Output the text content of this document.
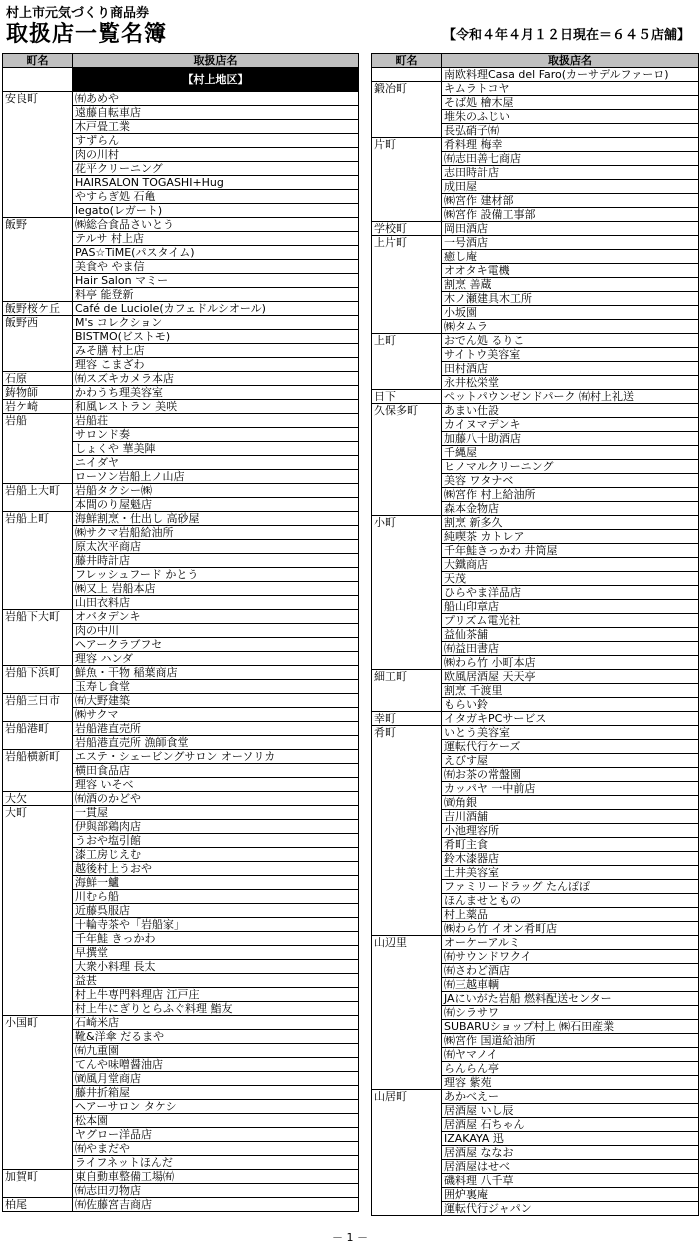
村上市元気づくり商品券
取扱店一覧名簿	【令和４年４月１２日現在＝６４５店舗】
町名	取扱店名
	【村上地区】
安良町	㈲あめや
	遠藤自転車店
	木戸畳工業
	すずらん
	肉の川村
	花平クリーニング
	HAIRSALON TOGASHI+Hug
	やすらぎ処 石亀
	legato(レガート)
飯野	㈱総合食品さいとう
	テルサ 村上店
	PAS☆TiME(パスタイム)
	美食や やま信
	Hair Salon マミー
	料亭 能登新
飯野桜ケ丘	Café de Luciole(カフェドルシオール)
飯野西	M's コレクション
	BISTMO(ビストモ)
	みそ膳 村上店
	理容 こまざわ
石原	㈲スズキカメラ本店
鋳物師	かわうち理美容室
岩ケ崎	和風レストラン 美咲
岩船	岩船荘
	サロンド奏
	しょくや 華美陣
	ニイダヤ
	ローソン岩船上ノ山店
岩船上大町	岩船タクシー㈱
	本間のり屋魁店
岩船上町	海鮮割烹・仕出し 高砂屋
	㈱サクマ岩船給油所
	原太次平商店
	藤井時計店
	フレッシュフード かとう
	㈱又上 岩船本店
	山田衣料店
岩船下大町	オバタデンキ
	肉の中川
	ヘアークラブフセ
	理容 ハンダ
岩船下浜町	鮮魚・干物 稲葉商店
	玉寿し食堂
岩船三日市	㈲大野建築
	㈱サクマ
岩船港町	岩船港直売所
	岩船港直売所 漁師食堂
岩船横新町	エステ・シェービングサロン オーソリカ
	横田食品店
	理容 いそべ
大欠	㈲酒のかどや
大町	一貫屋
	伊與部鶏肉店
	うおや塩引館
	漆工房じえむ
	越後村上うおや
	海鮮一鱸
	川むら船
	近藤呉服店
	十輪寺茶や「岩船家」
	千年鮭 きっかわ
	早撰堂
	大衆小料理 長太
	益甚
	村上牛専門料理店 江戸庄
	村上牛にぎりとらふぐ料理 鮨友
小国町	石崎米店
	靴&洋傘 だるまや
	㈲九重園
	てんや味噌醤油店
	㈾風月堂商店
	藤井折箱屋
	ヘアーサロン タケシ
	松本園
	ヤグロー洋品店
	㈲やまだや
	ライフネットほんだ
加賀町	東自動車整備工場㈲
	㈲志田刃物店
柏尾	㈲佐藤宮吉商店
町名	取扱店名
	南欧料理Casa del Faro(カーサデルファーロ)
鍛冶町	キムラトコヤ
	そば処 檜木屋
	堆朱のふじい
	長弘硝子㈲
片町	肴料理 梅幸
	㈲志田善七商店
	志田時計店
	成田屋
	㈱宮作 建材部
	㈱宮作 設備工事部
学校町	岡田酒店
上片町	一号酒店
	癒し庵
	オオタキ電機
	割烹 善蔵
	木ノ瀬建具木工所
	小坂園
	㈱タムラ
上町	おでん処 るりこ
	サイトウ美容室
	田村酒店
	永井松栄堂
日下	ペットパウンゼンドパーク ㈲村上礼送
久保多町	あまい仕設
	カイヌマデンキ
	加藤八十助酒店
	千縄屋
	ヒノマルクリーニング
	美容 ワタナベ
	㈱宮作 村上給油所
	森本金物店
小町	割烹 新多久
	純喫茶 カトレア
	千年鮭きっかわ 井筒屋
	大鐵商店
	天茂
	ひらやま洋品店
	船山印章店
	プリズム電光社
	益仙茶舗
	㈲益田書店
	㈱わら竹 小町本店
細工町	欧風居酒屋 天天亭
	割烹 千渡里
	もらい鈴
幸町	イタガキPCサービス
肴町	いとう美容室
	運転代行ケーズ
	えびす屋
	㈲お茶の常盤園
	カッパヤ 一中前店
	㈾角銀
	吉川酒舗
	小池理容所
	肴町主食
	鈴木漆器店
	土井美容室
	ファミリードラッグ たんぽぽ
	ほんませともの
	村上薬品
	㈱わら竹 イオン肴町店
山辺里	オーケーアルミ
	㈲サウンドワクイ
	㈲さわど酒店
	㈲三越車輌
	JAにいがた岩船 燃料配送センター
	㈲シラサワ
	SUBARUショップ村上 ㈱石田産業
	㈱宮作 国道給油所
	㈲ヤマノイ
	らんらん亭
	理容 紫苑
山居町	あかべえー
	居酒屋 いし辰
	居酒屋 石ちゃん
	IZAKAYA 迅
	居酒屋 ななお
	居酒屋はせべ
	磯料理 八千草
	囲炉裏庵
	運転代行ジャパン
－ 1 －
